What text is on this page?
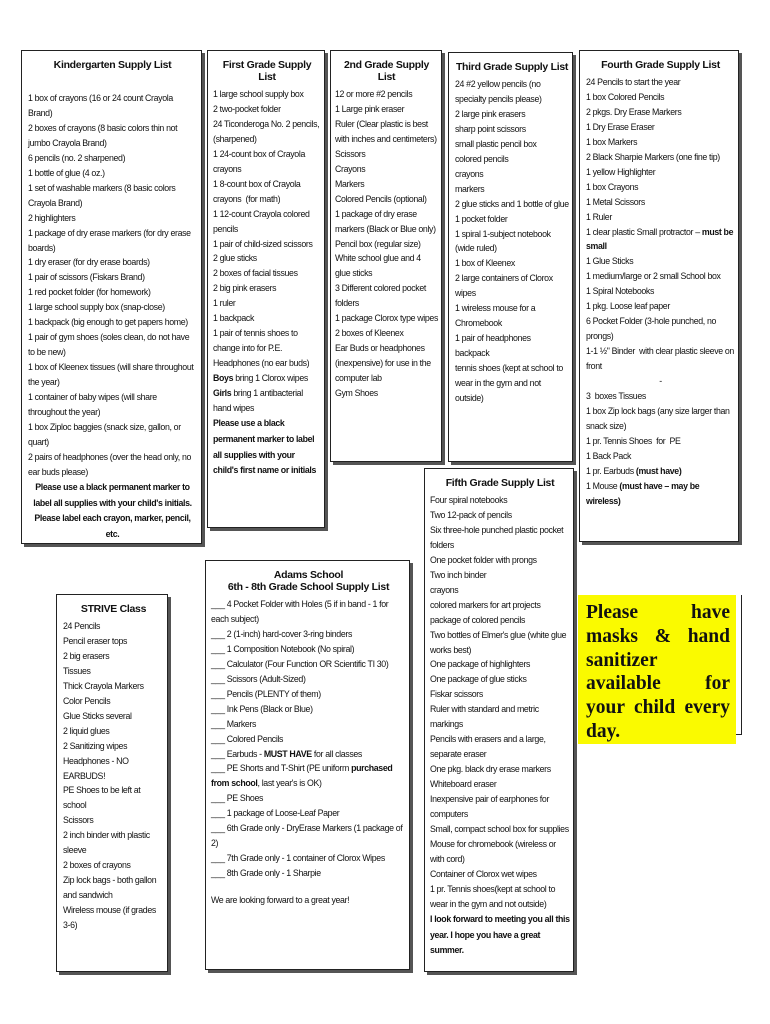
Kindergarten Supply List
1 box of crayons (16 or 24 count Crayola Brand)
2 boxes of crayons (8 basic colors thin not jumbo Crayola Brand)
6 pencils (no. 2 sharpened)
1 bottle of glue (4 oz.)
1 set of washable markers (8 basic colors Crayola Brand)
2 highlighters
1 package of dry erase markers (for dry erase boards)
1 dry eraser (for dry erase boards)
1 pair of scissors (Fiskars Brand)
1 red pocket folder (for homework)
1 large school supply box (snap-close)
1 backpack (big enough to get papers home)
1 pair of gym shoes (soles clean, do not have to be new)
1 box of Kleenex tissues (will share throughout the year)
1 container of baby wipes (will share throughout the year)
1 box Ziploc baggies (snack size, gallon, or quart)
2 pairs of headphones (over the head only, no ear buds please)
Please use a black permanent marker to label all supplies with your child's initials. Please label each crayon, marker, pencil, etc.
First Grade Supply List
1 large school supply box
2 two-pocket folder
24 Ticonderoga No. 2 pencils, (sharpened)
1 24-count box of Crayola crayons
1 8-count box of Crayola crayons  (for math)
1 12-count Crayola colored pencils
1 pair of child-sized scissors
2 glue sticks
2 boxes of facial tissues
2 big pink erasers
1 ruler
1 backpack
1 pair of tennis shoes to change into for P.E.
Headphones (no ear buds)
Boys bring 1 Clorox wipes
Girls bring 1 antibacterial hand wipes
Please use a black permanent marker to label all supplies with your child's first name or initials
2nd Grade Supply List
12 or more #2 pencils
1 Large pink eraser
Ruler (Clear plastic is best with inches and centimeters)
Scissors
Crayons
Markers
Colored Pencils (optional)
1 package of dry erase markers (Black or Blue only)
Pencil box (regular size)
White school glue and 4 glue sticks
3 Different colored pocket folders
1 package Clorox type wipes
2 boxes of Kleenex
Ear Buds or headphones (inexpensive) for use in the computer lab
Gym Shoes
Third Grade Supply List
24 #2 yellow pencils (no specialty pencils please)
2 large pink erasers
sharp point scissors
small plastic pencil box
colored pencils
crayons
markers
2 glue sticks and 1 bottle of glue
1 pocket folder
1 spiral 1-subject notebook (wide ruled)
1 box of Kleenex
2 large containers of Clorox wipes
1 wireless mouse for a Chromebook
1 pair of headphones
backpack
tennis shoes (kept at school to wear in the gym and not outside)
Fourth Grade Supply List
24 Pencils to start the year
1 box Colored Pencils
2 pkgs. Dry Erase Markers
1 Dry Erase Eraser
1 box Markers
2 Black Sharpie Markers (one fine tip)
1 yellow Highlighter
1 box Crayons
1 Metal Scissors
1 Ruler
1 clear plastic Small protractor – must be small
1 Glue Sticks
1 medium/large or 2 small School box
1 Spiral Notebooks
1 pkg. Loose leaf paper
6 Pocket Folder (3-hole punched, no prongs)
1-1 ½" Binder  with clear plastic sleeve on front
-
3  boxes Tissues
1 box Zip lock bags (any size larger than snack size)
1 pr. Tennis Shoes  for  PE
1 Back Pack
1 pr. Earbuds (must have)
1 Mouse (must have – may be wireless)
Fifth Grade Supply List
Four spiral notebooks
Two 12-pack of pencils
Six three-hole punched plastic pocket folders
One pocket folder with prongs
Two inch binder
crayons
colored markers for art projects
package of colored pencils
Two bottles of Elmer's glue (white glue works best)
One package of highlighters
One package of glue sticks
Fiskar scissors
Ruler with standard and metric markings
Pencils with erasers and a large, separate eraser
One pkg. black dry erase markers
Whiteboard eraser
Inexpensive pair of earphones for computers
Small, compact school box for supplies
Mouse for chromebook (wireless or with cord)
Container of Clorox wet wipes
1 pr. Tennis shoes(kept at school to wear in the gym and not outside)
I look forward to meeting you all this year. I hope you have a great summer.
Adams School
6th - 8th Grade School Supply List
___ 4 Pocket Folder with Holes (5 if in band - 1 for each subject)
___ 2 (1-inch) hard-cover 3-ring binders
___ 1 Composition Notebook (No spiral)
___ Calculator (Four Function OR Scientific TI 30)
___ Scissors (Adult-Sized)
___ Pencils (PLENTY of them)
___ Ink Pens (Black or Blue)
___ Markers
___ Colored Pencils
___ Earbuds - MUST HAVE for all classes
___ PE Shorts and T-Shirt (PE uniform purchased from school, last year's is OK)
___ PE Shoes
___ 1 package of Loose-Leaf Paper
___ 6th Grade only - DryErase Markers (1 package of 2)
___ 7th Grade only - 1 container of Clorox Wipes
___ 8th Grade only - 1 Sharpie
We are looking forward to a great year!
STRIVE Class
24 Pencils
Pencil eraser tops
2 big erasers
Tissues
Thick Crayola Markers
Color Pencils
Glue Sticks several
2 liquid glues
2 Sanitizing wipes
Headphones - NO EARBUDS!
PE Shoes to be left at school
Scissors
2 inch binder with plastic sleeve
2 boxes of crayons
Zip lock bags - both gallon and sandwich
Wireless mouse (if grades 3-6)
Please have masks & hand sanitizer available for your child every day.
